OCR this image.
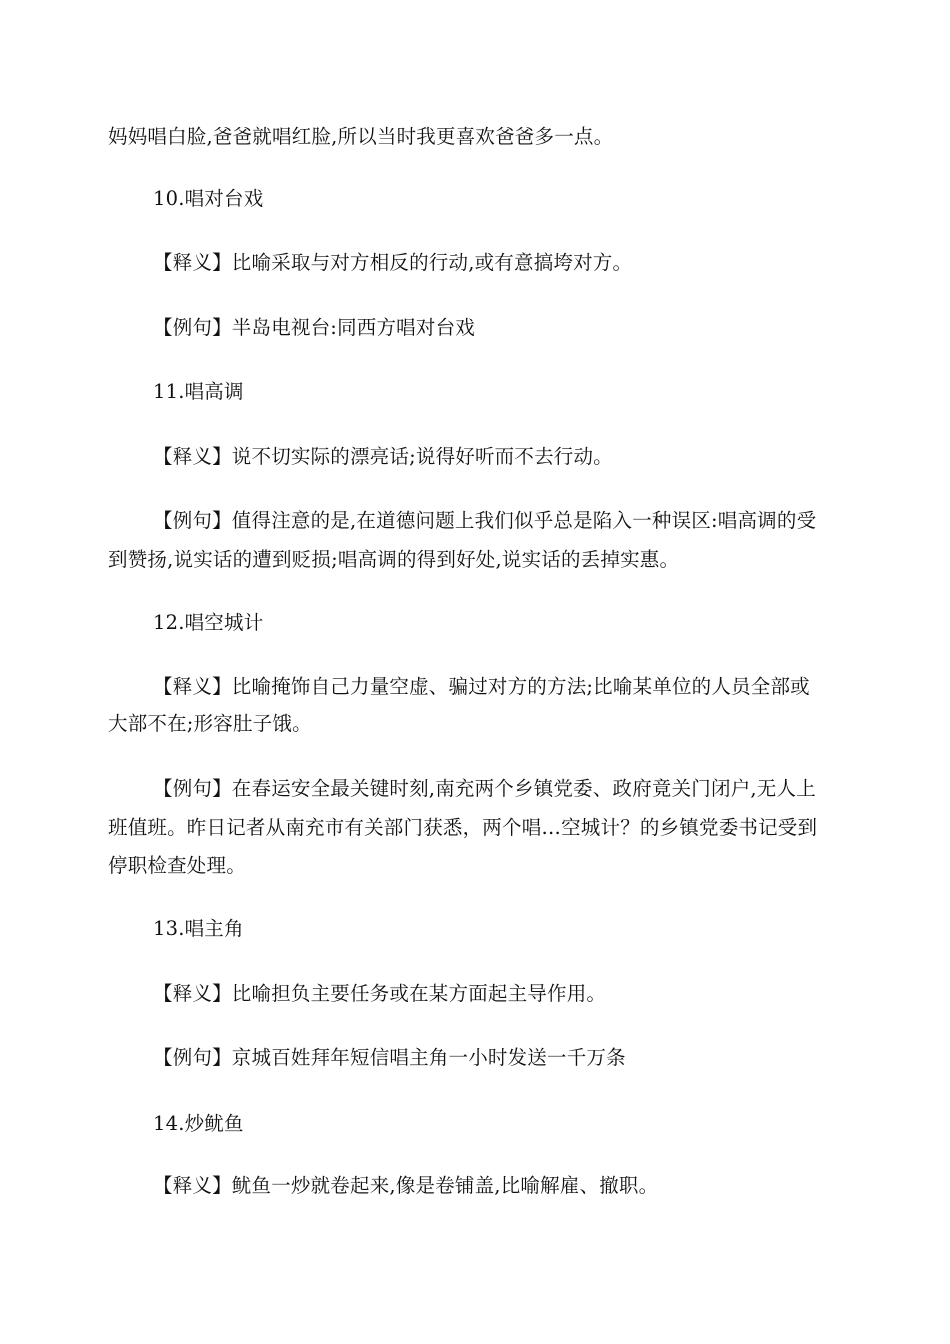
妈妈唱白脸,爸爸就唱红脸,所以当时我更喜欢爸爸多一点。
10.唱对台戏
【释义】比喻采取与对方相反的行动,或有意搞垮对方。
【例句】半岛电视台:同西方唱对台戏
11.唱高调
【释义】说不切实际的漂亮话;说得好听而不去行动。
【例句】值得注意的是,在道德问题上我们似乎总是陷入一种误区:唱高调的受
到赞扬,说实话的遭到贬损;唱高调的得到好处,说实话的丢掉实惠。
12.唱空城计
【释义】比喻掩饰自己力量空虚、骗过对方的方法;比喻某单位的人员全部或
大部不在;形容肚子饿。
【例句】在春运安全最关键时刻,南充两个乡镇党委、政府竟关门闭户,无人上
班值班。昨日记者从南充市有关部门获悉，两个唱…空城计？的乡镇党委书记受到
停职检查处理。
13.唱主角
【释义】比喻担负主要任务或在某方面起主导作用。
【例句】京城百姓拜年短信唱主角一小时发送一千万条
14.炒鱿鱼
【释义】鱿鱼一炒就卷起来,像是卷铺盖,比喻解雇、撤职。
